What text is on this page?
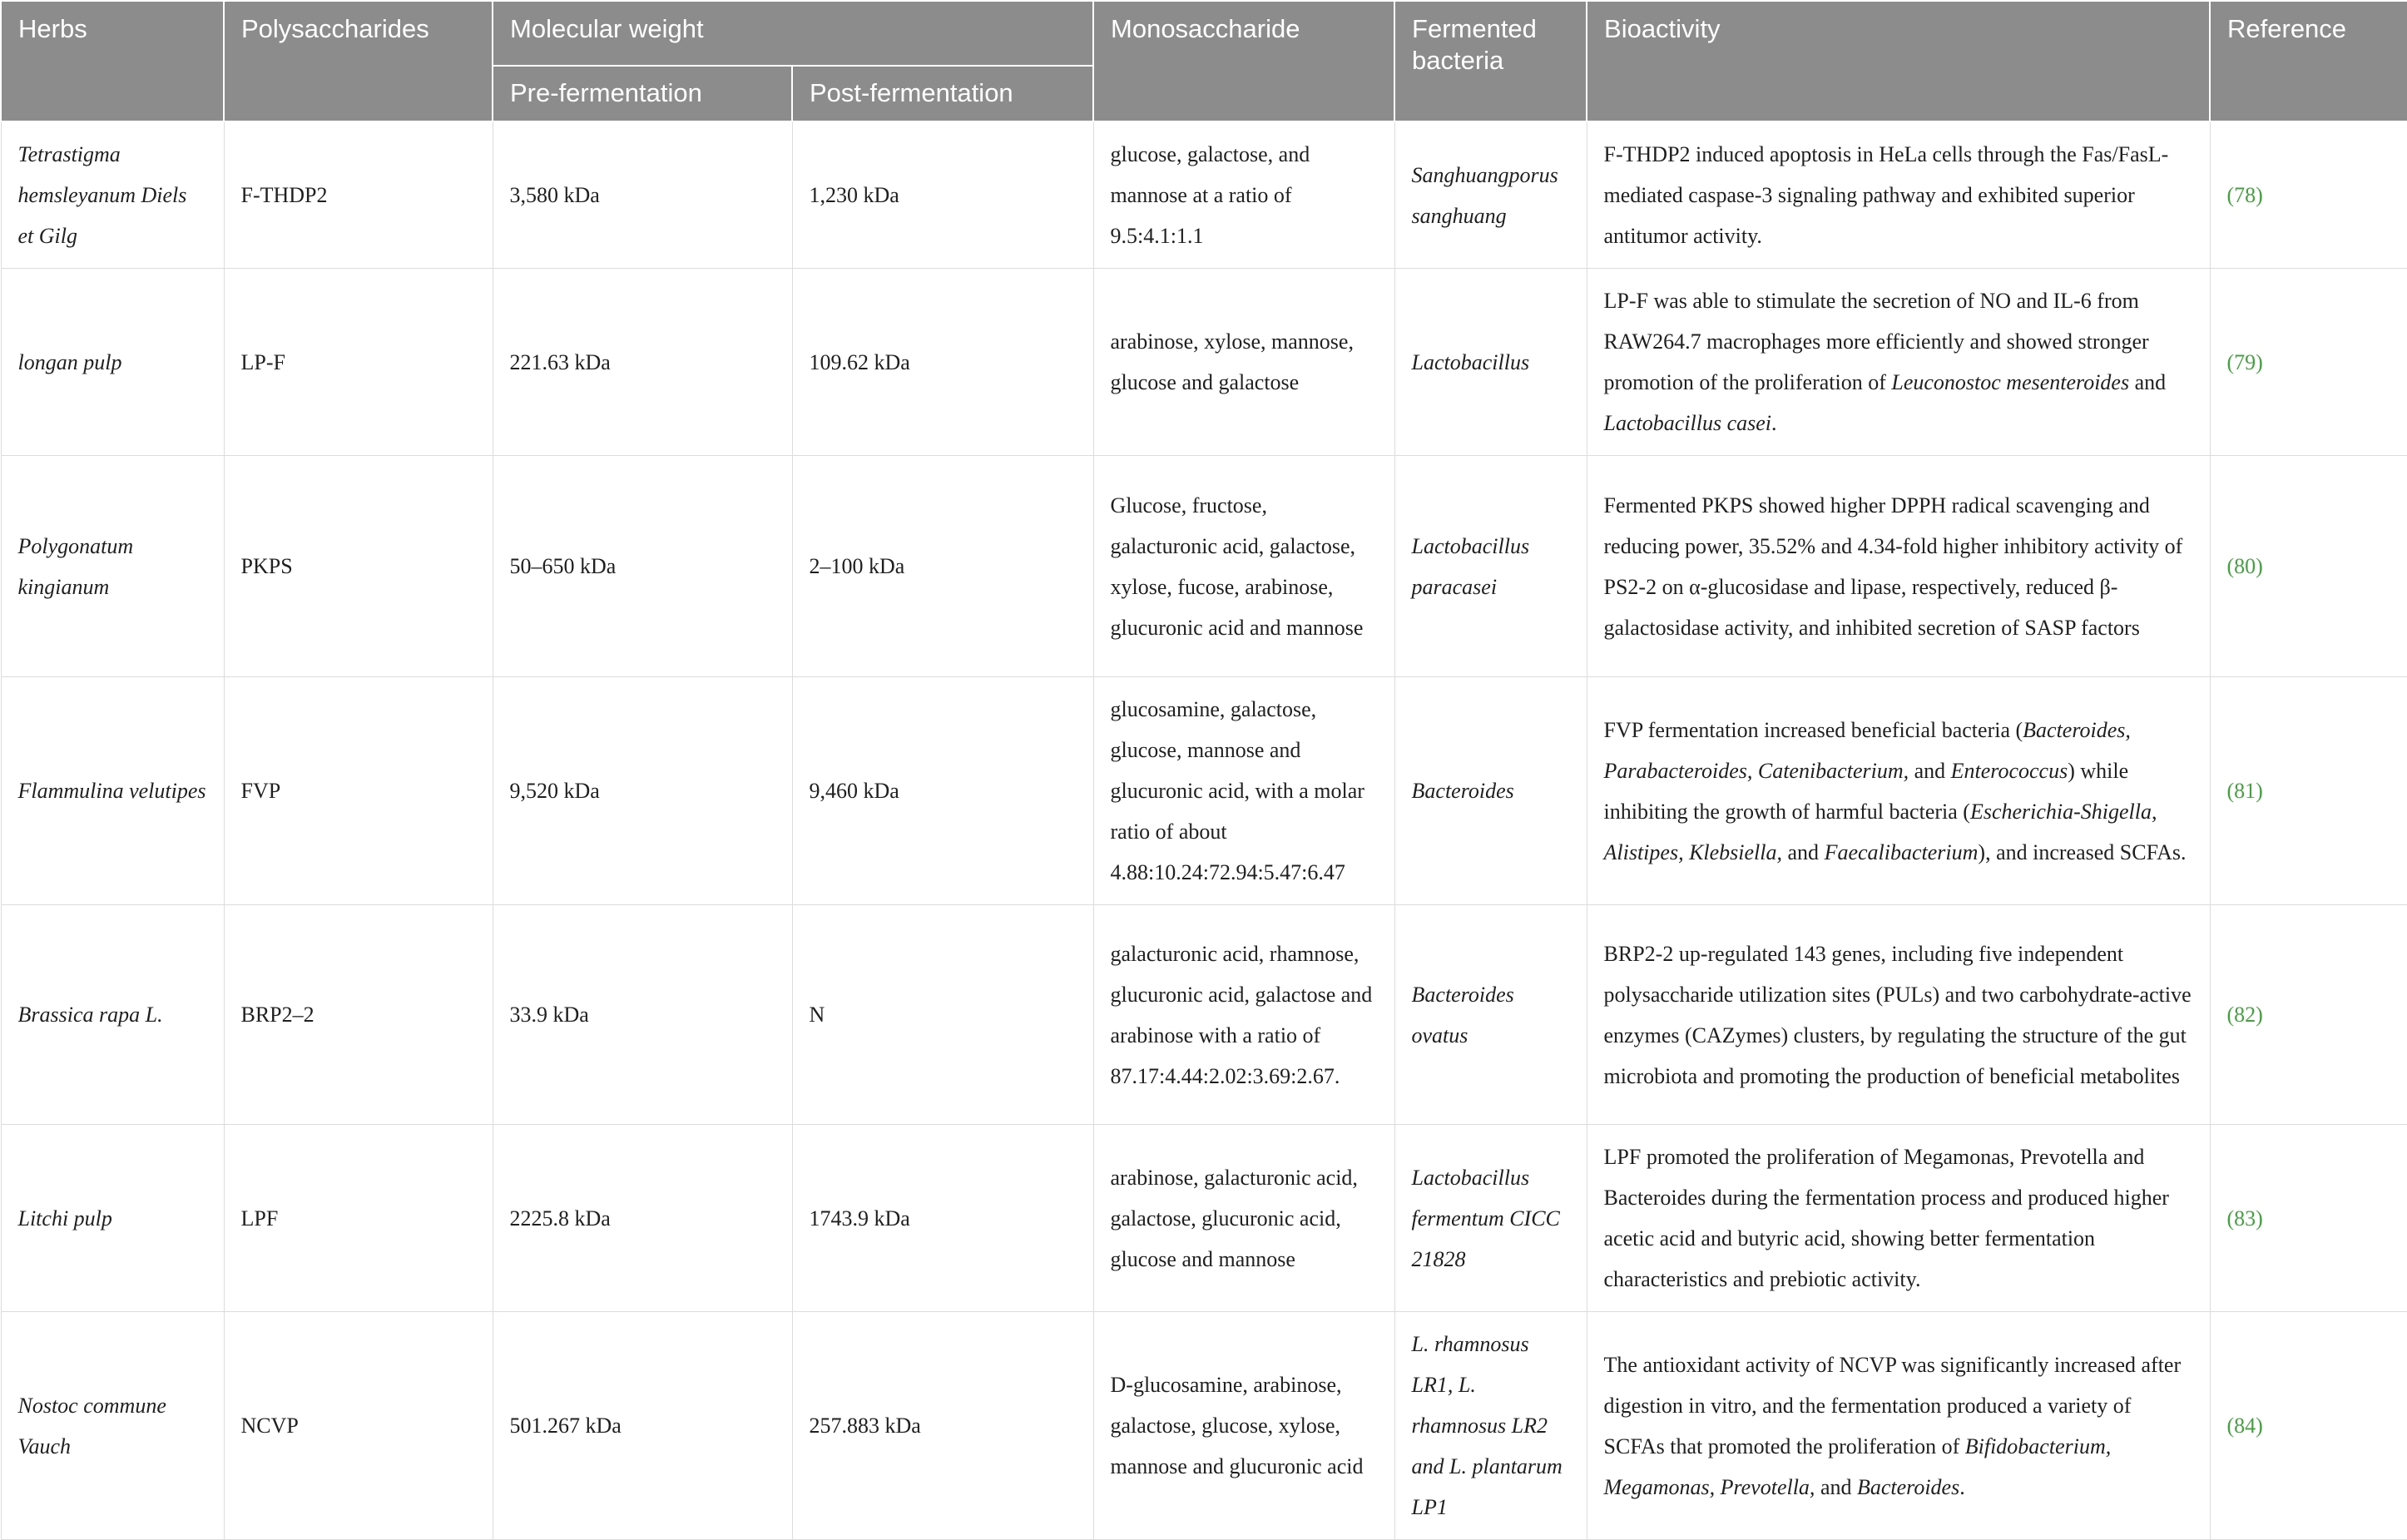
Herbs	Polysaccharides	Molecular weight		Monosaccharide	Fermented bacteria	Bioactivity	Reference
		Pre-fermentation	Post-fermentation				
Tetrastigma hemsleyanum Diels et Gilg	F-THDP2	3,580 kDa	1,230 kDa	glucose, galactose, and mannose at a ratio of 9.5:4.1:1.1	Sanghuangporus sanghuang	F-THDP2 induced apoptosis in HeLa cells through the Fas/FasL-mediated caspase-3 signaling pathway and exhibited superior antitumor activity.	(78)
longan pulp	LP-F	221.63 kDa	109.62 kDa	arabinose, xylose, mannose, glucose and galactose	Lactobacillus	LP-F was able to stimulate the secretion of NO and IL-6 from RAW264.7 macrophages more efficiently and showed stronger promotion of the proliferation of Leuconostoc mesenteroides and Lactobacillus casei.	(79)
Polygonatum kingianum	PKPS	50–650 kDa	2–100 kDa	Glucose, fructose, galacturonic acid, galactose, xylose, fucose, arabinose, glucuronic acid and mannose	Lactobacillus paracasei	Fermented PKPS showed higher DPPH radical scavenging and reducing power, 35.52% and 4.34-fold higher inhibitory activity of PS2-2 on α-glucosidase and lipase, respectively, reduced β-galactosidase activity, and inhibited secretion of SASP factors	(80)
Flammulina velutipes	FVP	9,520 kDa	9,460 kDa	glucosamine, galactose, glucose, mannose and glucuronic acid, with a molar ratio of about 4.88:10.24:72.94:5.47:6.47	Bacteroides	FVP fermentation increased beneficial bacteria (Bacteroides, Parabacteroides, Catenibacterium, and Enterococcus) while inhibiting the growth of harmful bacteria (Escherichia-Shigella, Alistipes, Klebsiella, and Faecalibacterium), and increased SCFAs.	(81)
Brassica rapa L.	BRP2–2	33.9 kDa	N	galacturonic acid, rhamnose, glucuronic acid, galactose and arabinose with a ratio of 87.17:4.44:2.02:3.69:2.67.	Bacteroides ovatus	BRP2-2 up-regulated 143 genes, including five independent polysaccharide utilization sites (PULs) and two carbohydrate-active enzymes (CAZymes) clusters, by regulating the structure of the gut microbiota and promoting the production of beneficial metabolites	(82)
Litchi pulp	LPF	2225.8 kDa	1743.9 kDa	arabinose, galacturonic acid, galactose, glucuronic acid, glucose and mannose	Lactobacillus fermentum CICC 21828	LPF promoted the proliferation of Megamonas, Prevotella and Bacteroides during the fermentation process and produced higher acetic acid and butyric acid, showing better fermentation characteristics and prebiotic activity.	(83)
Nostoc commune Vauch	NCVP	501.267 kDa	257.883 kDa	D-glucosamine, arabinose, galactose, glucose, xylose, mannose and glucuronic acid	L. rhamnosus LR1, L. rhamnosus LR2 and L. plantarum LP1	The antioxidant activity of NCVP was significantly increased after digestion in vitro, and the fermentation produced a variety of SCFAs that promoted the proliferation of Bifidobacterium, Megamonas, Prevotella, and Bacteroides.	(84)
